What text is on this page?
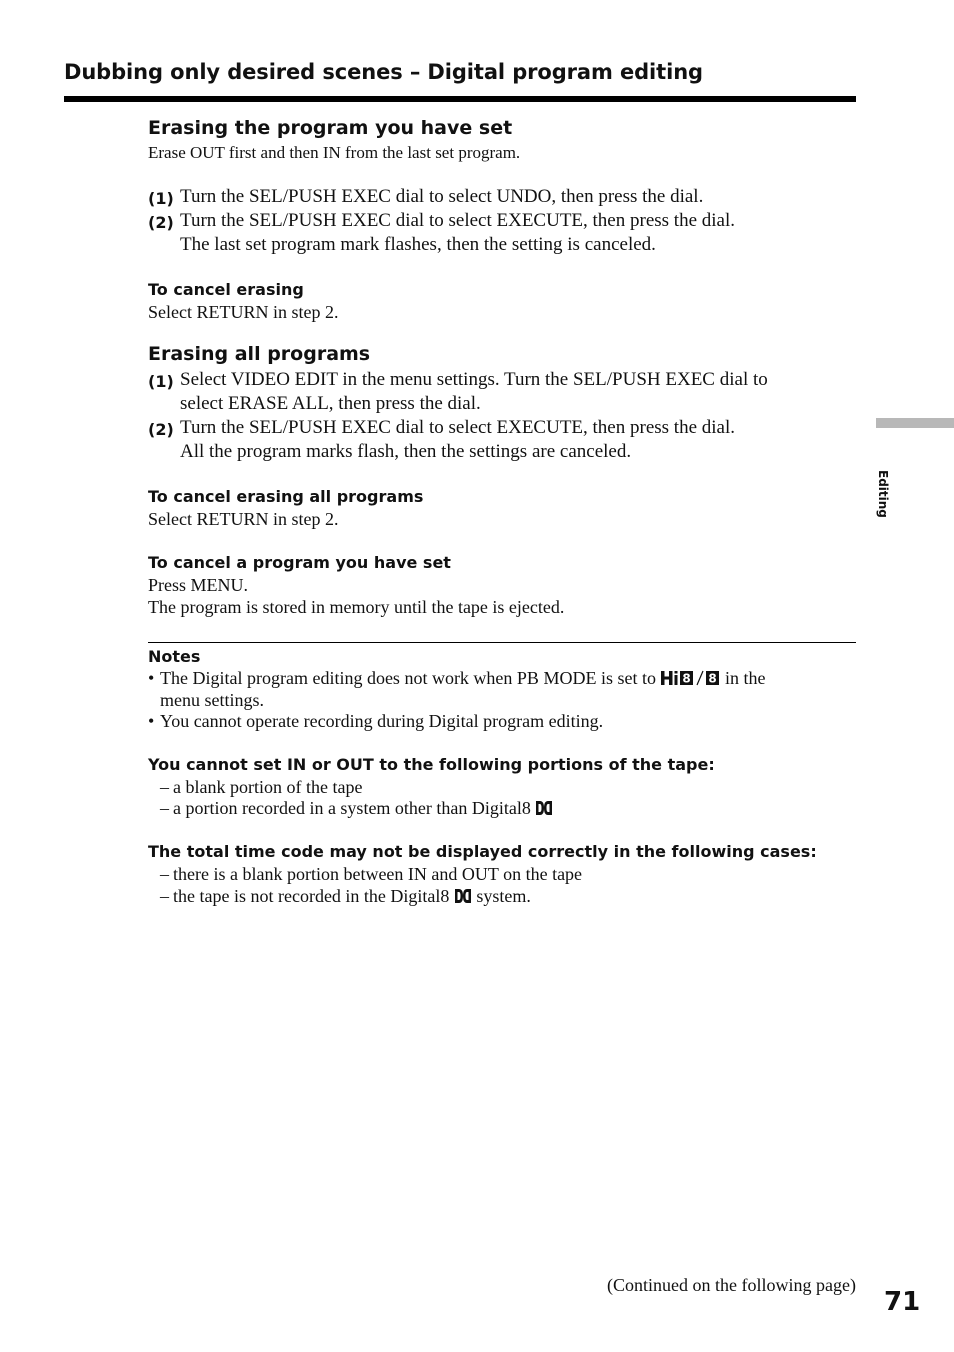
Dubbing only desired scenes – Digital program editing
Erasing the program you have set
Erase OUT first and then IN from the last set program.
(1) Turn the SEL/PUSH EXEC dial to select UNDO, then press the dial.
(2) Turn the SEL/PUSH EXEC dial to select EXECUTE, then press the dial.
The last set program mark flashes, then the setting is canceled.
To cancel erasing
Select RETURN in step 2.
Erasing all programs
(1) Select VIDEO EDIT in the menu settings. Turn the SEL/PUSH EXEC dial to
select ERASE ALL, then press the dial.
(2) Turn the SEL/PUSH EXEC dial to select EXECUTE, then press the dial.
All the program marks flash, then the settings are canceled.
To cancel erasing all programs
Select RETURN in step 2.
To cancel a program you have set
Press MENU.
The program is stored in memory until the tape is ejected.
Notes
• The Digital program editing does not work when PB MODE is set to 8 8 in the
menu settings.
• You cannot operate recording during Digital program editing.
You cannot set IN or OUT to the following portions of the tape:
– a blank portion of the tape
– a portion recorded in a system other than Digital8
The total time code may not be displayed correctly in the following cases:
– there is a blank portion between IN and OUT on the tape
– the tape is not recorded in the Digital8 system.
Editing
(Continued on the following page)
71
